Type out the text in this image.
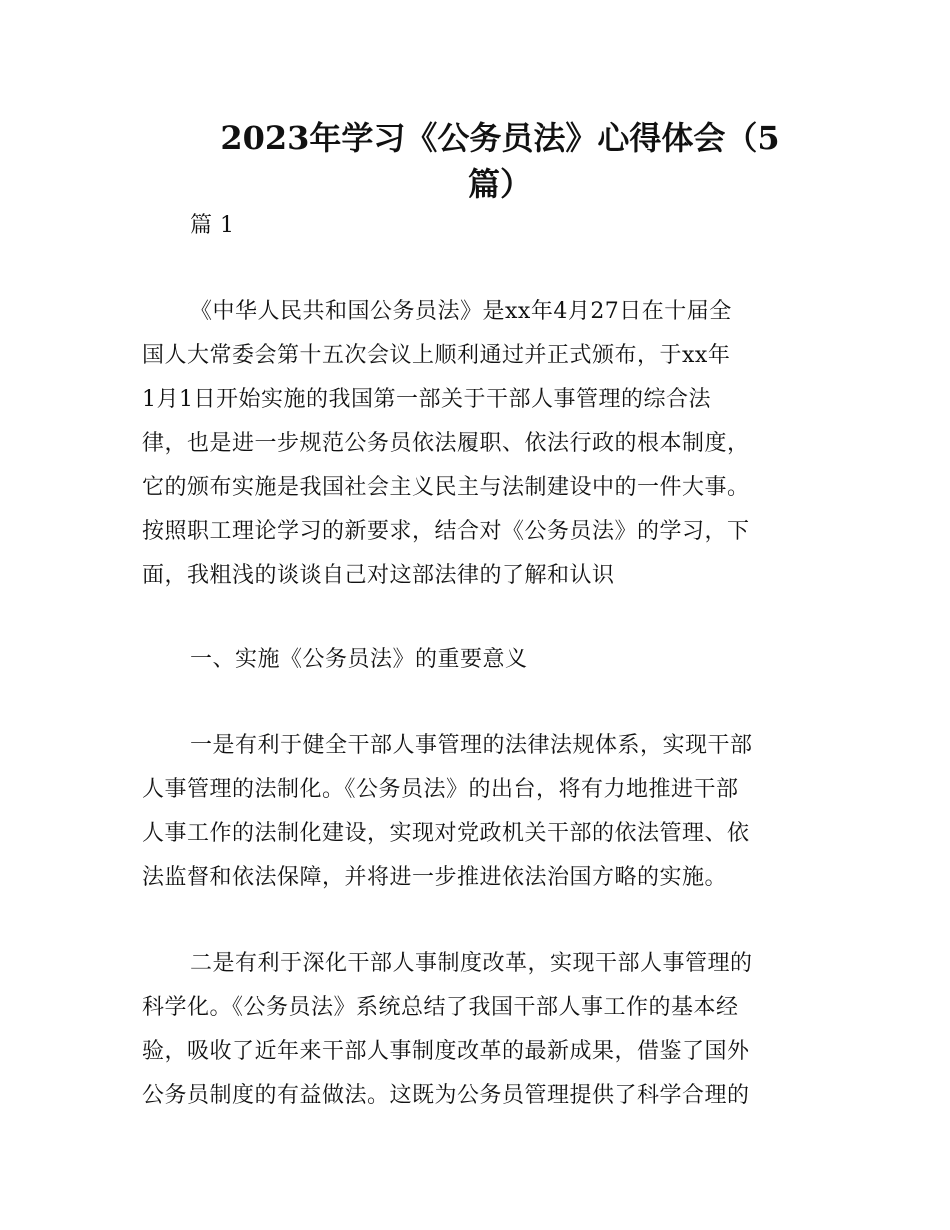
2023年学习《公务员法》心得体会（5
篇）
篇 1
《中华人民共和国公务员法》是xx年4月27日在十届全
国人大常委会第十五次会议上顺利通过并正式颁布，于xx年
1月1日开始实施的我国第一部关于干部人事管理的综合法
律，也是进一步规范公务员依法履职、依法行政的根本制度，
它的颁布实施是我国社会主义民主与法制建设中的一件大事。
按照职工理论学习的新要求，结合对《公务员法》的学习，下
面，我粗浅的谈谈自己对这部法律的了解和认识
一、实施《公务员法》的重要意义
一是有利于健全干部人事管理的法律法规体系，实现干部
人事管理的法制化。《公务员法》的出台，将有力地推进干部
人事工作的法制化建设，实现对党政机关干部的依法管理、依
法监督和依法保障，并将进一步推进依法治国方略的实施。
二是有利于深化干部人事制度改革，实现干部人事管理的
科学化。《公务员法》系统总结了我国干部人事工作的基本经
验，吸收了近年来干部人事制度改革的最新成果，借鉴了国外
公务员制度的有益做法。这既为公务员管理提供了科学合理的
